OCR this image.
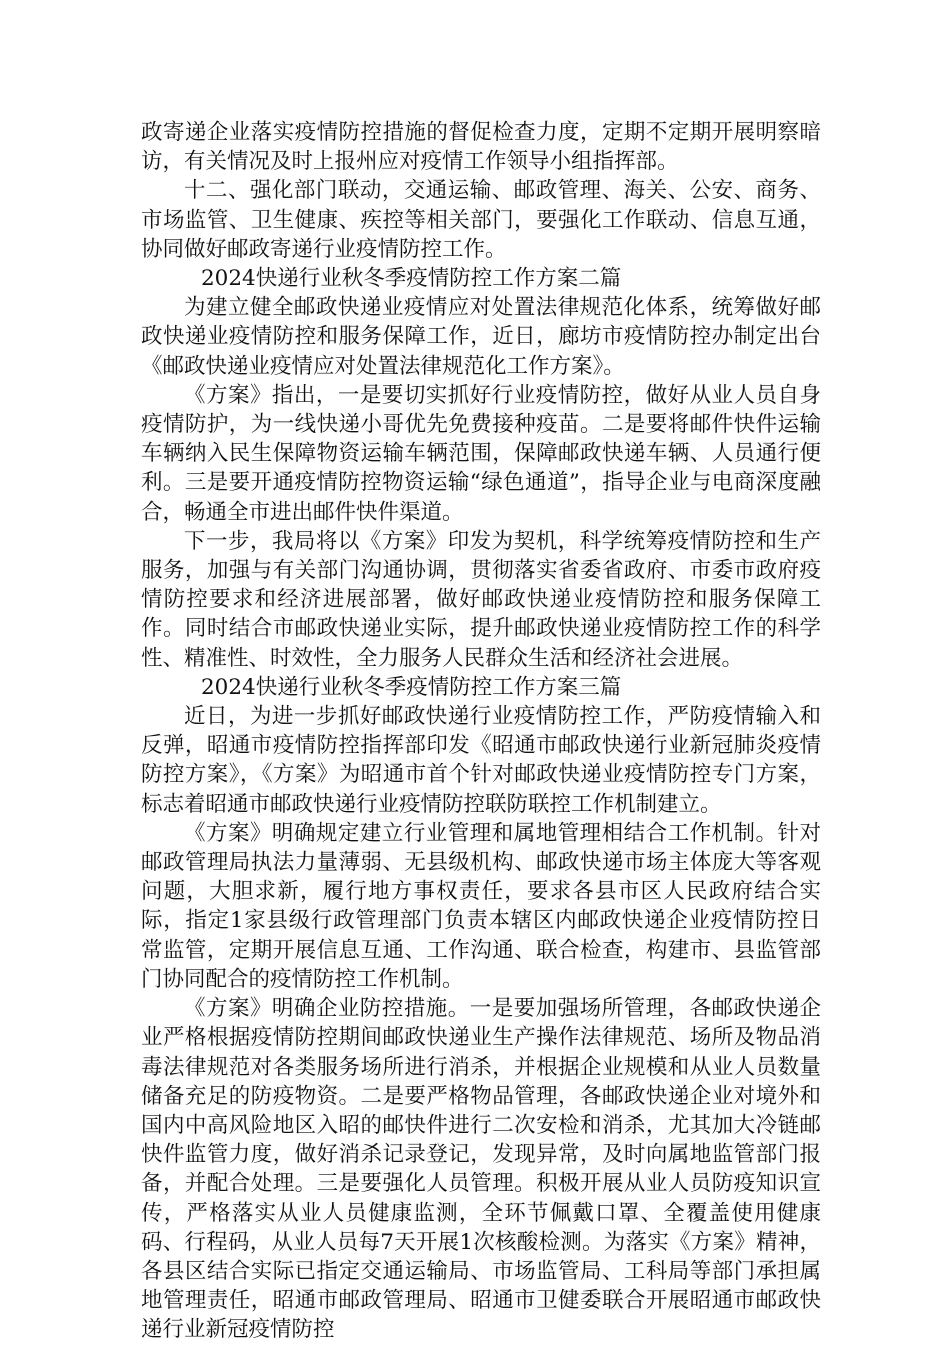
政寄递企业落实疫情防控措施的督促检查力度，定期不定期开展明察暗访，有关情况及时上报州应对疫情工作领导小组指挥部。

十二、强化部门联动，交通运输、邮政管理、海关、公安、商务、市场监管、卫生健康、疾控等相关部门，要强化工作联动、信息互通，协同做好邮政寄递行业疫情防控工作。

2024快递行业秋冬季疫情防控工作方案二篇

为建立健全邮政快递业疫情应对处置法律规范化体系，统筹做好邮政快递业疫情防控和服务保障工作，近日，廊坊市疫情防控办制定出台《邮政快递业疫情应对处置法律规范化工作方案》。

《方案》指出，一是要切实抓好行业疫情防控，做好从业人员自身疫情防护，为一线快递小哥优先免费接种疫苗。二是要将邮件快件运输车辆纳入民生保障物资运输车辆范围，保障邮政快递车辆、人员通行便利。三是要开通疫情防控物资运输“绿色通道”，指导企业与电商深度融合，畅通全市进出邮件快件渠道。

下一步，我局将以《方案》印发为契机，科学统筹疫情防控和生产服务，加强与有关部门沟通协调，贯彻落实省委省政府、市委市政府疫情防控要求和经济进展部署，做好邮政快递业疫情防控和服务保障工作。同时结合市邮政快递业实际，提升邮政快递业疫情防控工作的科学性、精准性、时效性，全力服务人民群众生活和经济社会进展。

2024快递行业秋冬季疫情防控工作方案三篇

近日，为进一步抓好邮政快递行业疫情防控工作，严防疫情输入和反弹，昭通市疫情防控指挥部印发《昭通市邮政快递行业新冠肺炎疫情防控方案》，《方案》为昭通市首个针对邮政快递业疫情防控专门方案，标志着昭通市邮政快递行业疫情防控联防联控工作机制建立。

《方案》明确规定建立行业管理和属地管理相结合工作机制。针对邮政管理局执法力量薄弱、无县级机构、邮政快递市场主体庞大等客观问题，大胆求新，履行地方事权责任，要求各县市区人民政府结合实际，指定1家县级行政管理部门负责本辖区内邮政快递企业疫情防控日常监管，定期开展信息互通、工作沟通、联合检查，构建市、县监管部门协同配合的疫情防控工作机制。

《方案》明确企业防控措施。一是要加强场所管理，各邮政快递企业严格根据疫情防控期间邮政快递业生产操作法律规范、场所及物品消毒法律规范对各类服务场所进行消杀，并根据企业规模和从业人员数量储备充足的防疫物资。二是要严格物品管理，各邮政快递企业对境外和国内中高风险地区入昭的邮快件进行二次安检和消杀，尤其加大冷链邮快件监管力度，做好消杀记录登记，发现异常，及时向属地监管部门报备，并配合处理。三是要强化人员管理。积极开展从业人员防疫知识宣传，严格落实从业人员健康监测，全环节佩戴口罩、全覆盖使用健康码、行程码，从业人员每7天开展1次核酸检测。为落实《方案》精神，各县区结合实际已指定交通运输局、市场监管局、工科局等部门承担属地管理责任，昭通市邮政管理局、昭通市卫健委联合开展昭通市邮政快递行业新冠疫情防控
